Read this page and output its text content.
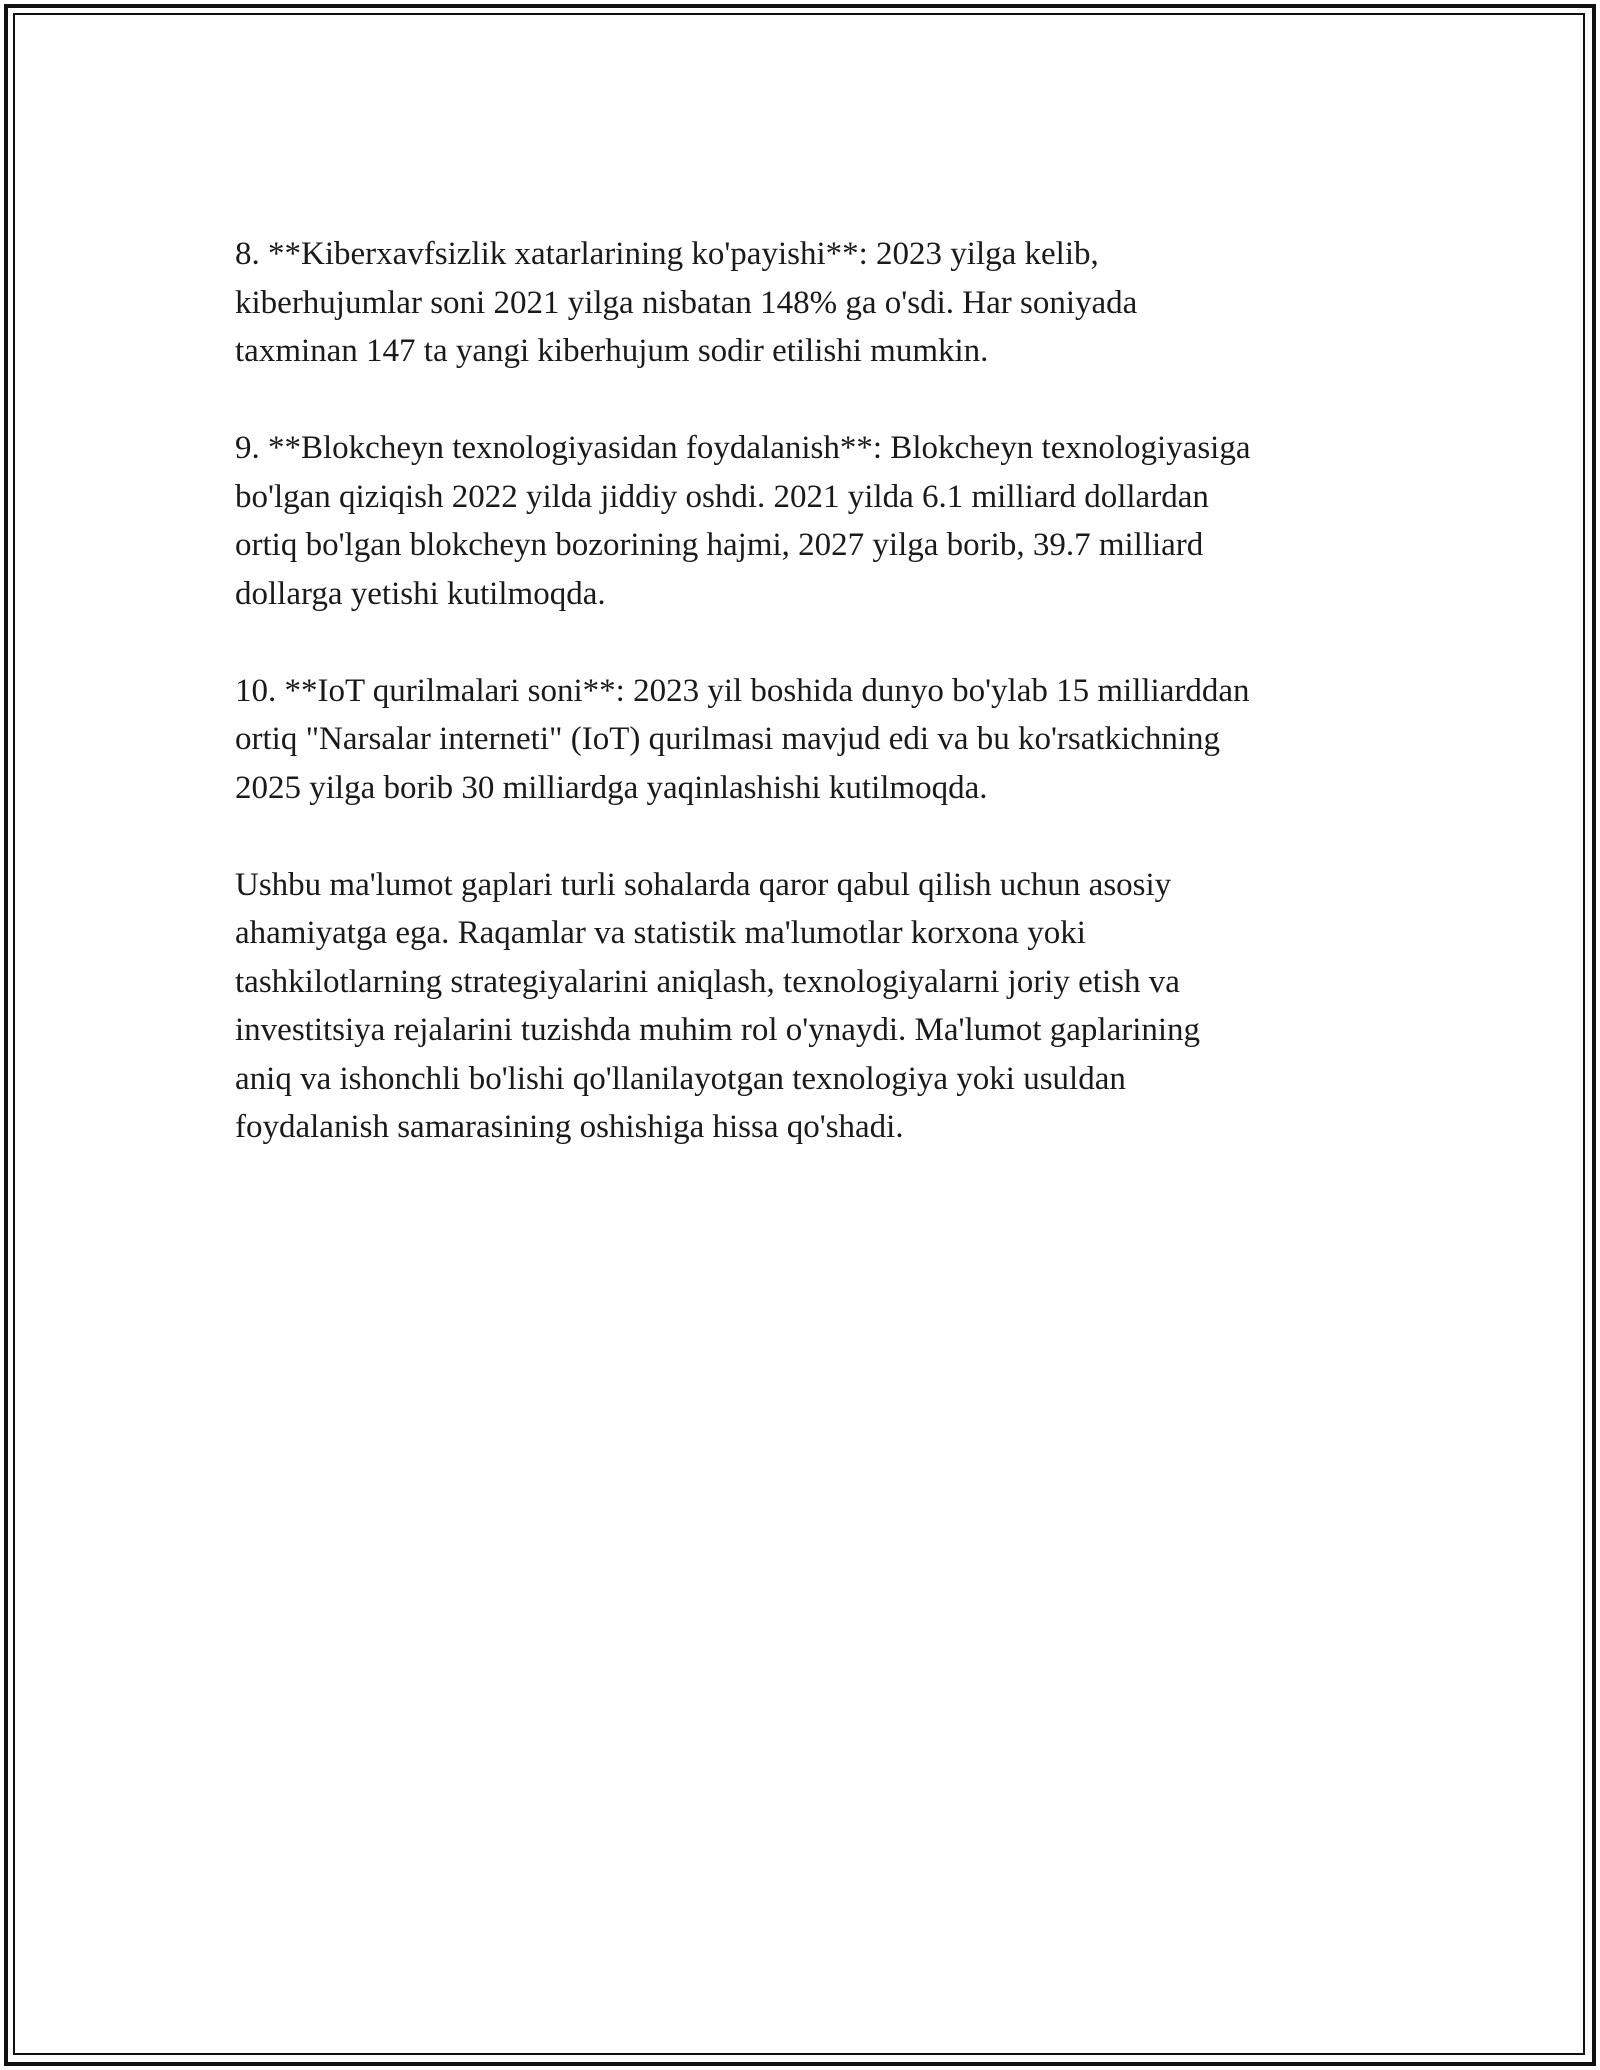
8. **Kiberxavfsizlik xatarlarining ko'payishi**: 2023 yilga kelib,
kiberhujumlar soni 2021 yilga nisbatan 148% ga o'sdi. Har soniyada
taxminan 147 ta yangi kiberhujum sodir etilishi mumkin.

9. **Blokcheyn texnologiyasidan foydalanish**: Blokcheyn texnologiyasiga
bo'lgan qiziqish 2022 yilda jiddiy oshdi. 2021 yilda 6.1 milliard dollardan
ortiq bo'lgan blokcheyn bozorining hajmi, 2027 yilga borib, 39.7 milliard
dollarga yetishi kutilmoqda.

10. **IoT qurilmalari soni**: 2023 yil boshida dunyo bo'ylab 15 milliarddan
ortiq "Narsalar interneti" (IoT) qurilmasi mavjud edi va bu ko'rsatkichning
2025 yilga borib 30 milliardga yaqinlashishi kutilmoqda.

Ushbu ma'lumot gaplari turli sohalarda qaror qabul qilish uchun asosiy
ahamiyatga ega. Raqamlar va statistik ma'lumotlar korxona yoki
tashkilotlarning strategiyalarini aniqlash, texnologiyalarni joriy etish va
investitsiya rejalarini tuzishda muhim rol o'ynaydi. Ma'lumot gaplarining
aniq va ishonchli bo'lishi qo'llanilayotgan texnologiya yoki usuldan
foydalanish samarasining oshishiga hissa qo'shadi.
